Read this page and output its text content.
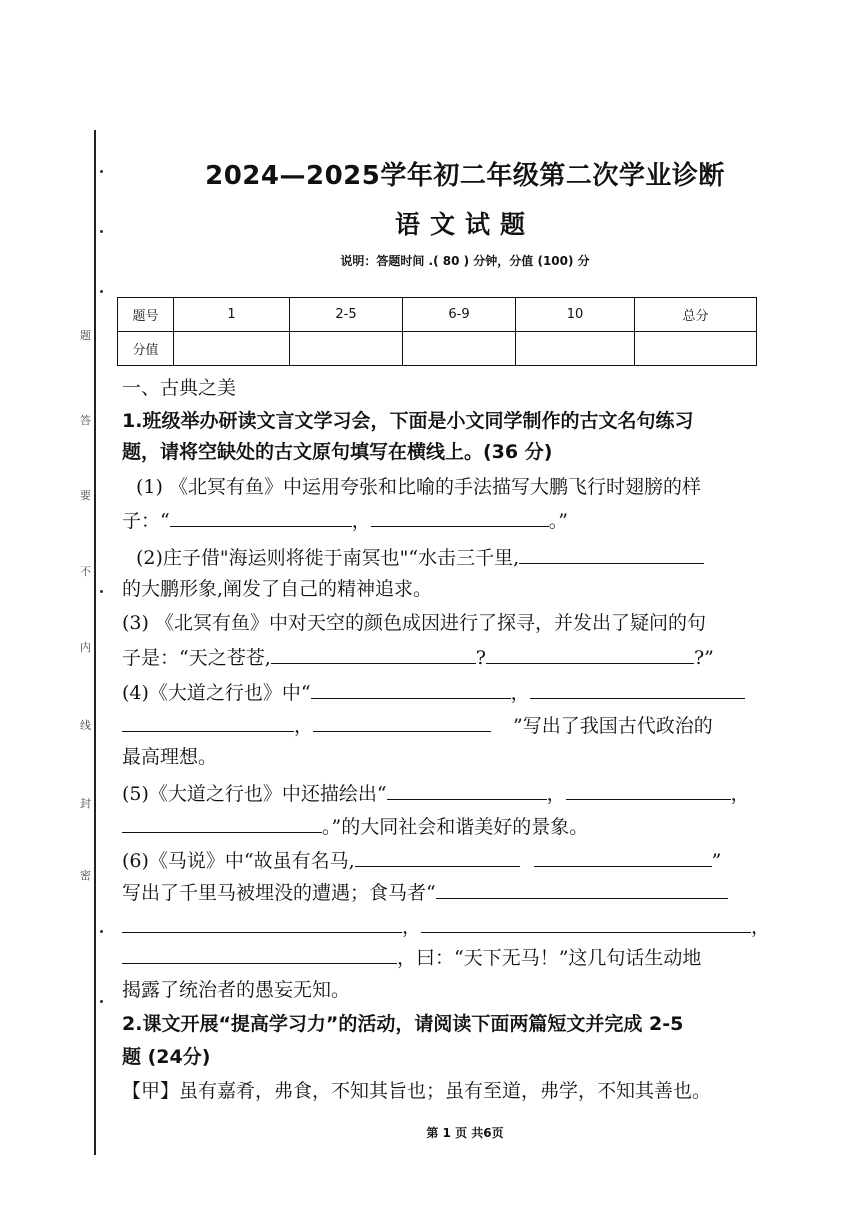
题
答
要
不
内
线
封
密
2024—2025学年初二年级第二次学业诊断
语文试题
说明：答题时间 .( 80 ) 分钟，分值 (100) 分
题号	1	2-5	6-9	10	总分
分值					
一、古典之美
1.班级举办研读文言文学习会，下面是小文同学制作的古文名句练习
题，请将空缺处的古文原句填写在横线上。(36 分)
(1) 《北冥有鱼》中运用夸张和比喻的手法描写大鹏飞行时翅膀的样
子：“	，	。”
(2)庄子借"海运则将徙于南冥也"“水击三千里,
的大鹏形象,阐发了自己的精神追求。
(3) 《北冥有鱼》中对天空的颜色成因进行了探寻，并发出了疑问的句
子是：“天之苍苍,	?	?”
(4)《大道之行也》中“	，
，	”写出了我国古代政治的
最高理想。
(5)《大道之行也》中还描绘出“	，	，
。”的大同社会和谐美好的景象。
(6)《马说》中“故虽有名马,	”
写出了千里马被埋没的遭遇；食马者“
，	，
，曰：“天下无马！”这几句话生动地
揭露了统治者的愚妄无知。
2.课文开展“提高学习力”的活动，请阅读下面两篇短文并完成 2-5
题 (24分)
【甲】虽有嘉肴，弗食，不知其旨也；虽有至道，弗学，不知其善也。
第 1 页 共6页
